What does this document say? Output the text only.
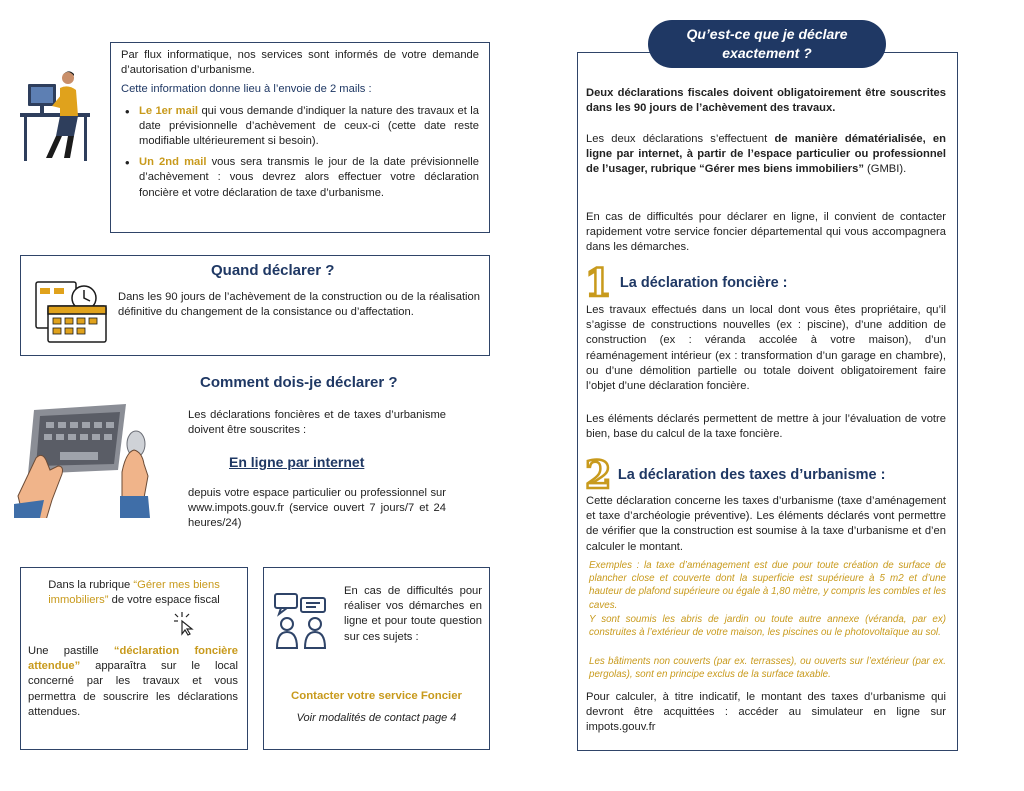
Par flux informatique, nos services sont informés de votre demande d’autorisation d’urbanisme.

Cette information donne lieu à l’envoie de 2 mails :

• Le 1er mail qui vous demande d’indiquer la nature des travaux et la date prévisionnelle d’achèvement de ceux-ci (cette date reste modifiable ultérieurement si besoin).
• Un 2nd mail vous sera transmis le jour de la date prévisionnelle d’achèvement : vous devrez alors effectuer votre déclaration foncière et votre déclaration de taxe d’urbanisme.
Quand déclarer ?

Dans les 90 jours de l’achèvement de la construction ou de la réalisation définitive du changement de la consistance ou d’affectation.

Comment dois-je déclarer ?

Les déclarations foncières et de taxes d’urbanisme doivent être souscrites :

En ligne par internet

depuis votre espace particulier ou professionnel sur www.impots.gouv.fr (service ouvert 7 jours/7 et 24 heures/24)

Dans la rubrique “Gérer mes biens immobiliers” de votre espace fiscal

Une pastille “déclaration foncière attendue” apparaîtra sur le local concerné par les travaux et vous permettra de souscrire les déclarations attendues.

En cas de difficultés pour réaliser vos démarches en ligne et pour toute question sur ces sujets :

Contacter votre service Foncier
Voir modalités de contact page 4
Qu’est-ce que je déclare exactement ?

Deux déclarations fiscales doivent obligatoirement être souscrites dans les 90 jours de l’achèvement des travaux.

Les deux déclarations s’effectuent de manière dématérialisée, en ligne par internet, à partir de l’espace particulier ou professionnel de l’usager, rubrique “Gérer mes biens immobiliers” (GMBI).

En cas de difficultés pour déclarer en ligne, il convient de contacter rapidement votre service foncier départemental qui vous accompagnera dans les démarches.

1 La déclaration foncière :

Les travaux effectués dans un local dont vous êtes propriétaire, qu’il s’agisse de constructions nouvelles (ex : piscine), d’une addition de construction (ex : véranda accolée à votre maison), d’un réaménagement intérieur (ex : transformation d’un garage en chambre), ou d’une démolition partielle ou totale doivent obligatoirement faire l’objet d’une déclaration foncière.

Les éléments déclarés permettent de mettre à jour l’évaluation de votre bien, base du calcul de la taxe foncière.

2 La déclaration des taxes d’urbanisme :

Cette déclaration concerne les taxes d’urbanisme (taxe d’aménagement et taxe d’archéologie préventive). Les éléments déclarés vont permettre de vérifier que la construction est soumise à la taxe d’urbanisme et d’en calculer le montant.

Exemples : la taxe d’aménagement est due pour toute création de surface de plancher close et couverte dont la superficie est supérieure à 5 m2 et d’une hauteur de plafond supérieure ou égale à 1,80 mètre, y compris les combles et les caves.

Y sont soumis les abris de jardin ou toute autre annexe (véranda, par ex) construites à l’extérieur de votre maison, les piscines ou le photovoltaïque au sol.

Les bâtiments non couverts (par ex. terrasses), ou ouverts sur l’extérieur (par ex. pergolas), sont en principe exclus de la surface taxable.

Pour calculer, à titre indicatif, le montant des taxes d’urbanisme qui devront être acquittées : accéder au simulateur en ligne sur impots.gouv.fr
